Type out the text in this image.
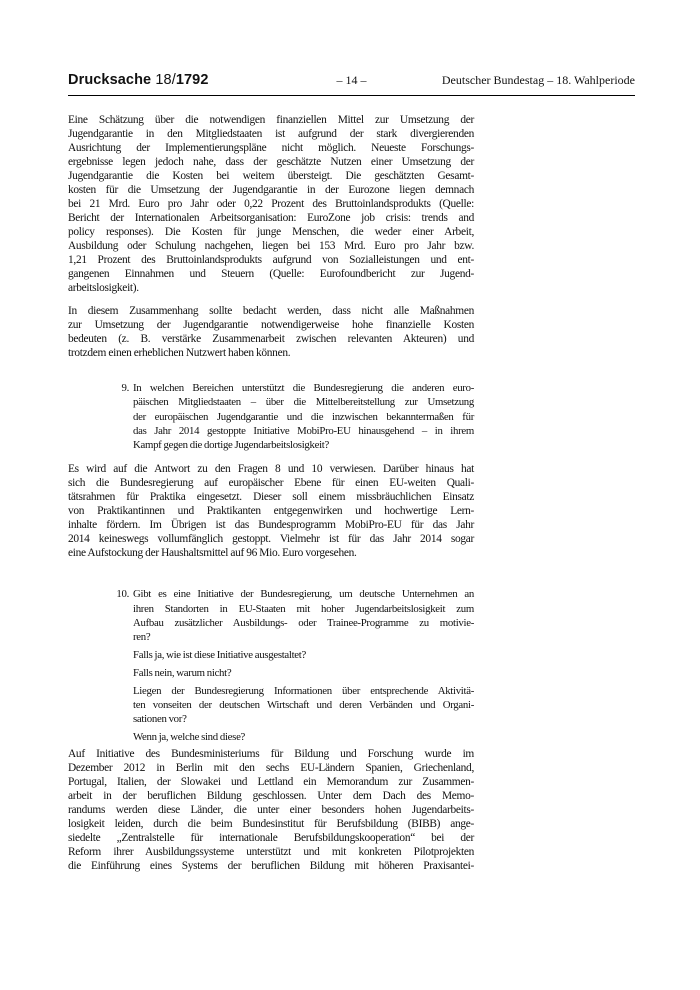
Drucksache 18/1792	– 14 –	Deutscher Bundestag – 18. Wahlperiode
Eine Schätzung über die notwendigen finanziellen Mittel zur Umsetzung der
Jugendgarantie in den Mitgliedstaaten ist aufgrund der stark divergierenden
Ausrichtung der Implementierungspläne nicht möglich. Neueste Forschungs-
ergebnisse legen jedoch nahe, dass der geschätzte Nutzen einer Umsetzung der
Jugendgarantie die Kosten bei weitem übersteigt. Die geschätzten Gesamt-
kosten für die Umsetzung der Jugendgarantie in der Eurozone liegen demnach
bei 21 Mrd. Euro pro Jahr oder 0,22 Prozent des Bruttoinlandsprodukts (Quelle:
Bericht der Internationalen Arbeitsorganisation: EuroZone job crisis: trends and
policy responses). Die Kosten für junge Menschen, die weder einer Arbeit,
Ausbildung oder Schulung nachgehen, liegen bei 153 Mrd. Euro pro Jahr bzw.
1,21 Prozent des Bruttoinlandsprodukts aufgrund von Sozialleistungen und ent-
gangenen Einnahmen und Steuern (Quelle: Eurofoundbericht zur Jugend-
arbeitslosigkeit).
In diesem Zusammenhang sollte bedacht werden, dass nicht alle Maßnahmen
zur Umsetzung der Jugendgarantie notwendigerweise hohe finanzielle Kosten
bedeuten (z. B. verstärke Zusammenarbeit zwischen relevanten Akteuren) und
trotzdem einen erheblichen Nutzwert haben können.
9. In welchen Bereichen unterstützt die Bundesregierung die anderen euro-
päischen Mitgliedstaaten – über die Mittelbereitstellung zur Umsetzung
der europäischen Jugendgarantie und die inzwischen bekanntermaßen für
das Jahr 2014 gestoppte Initiative MobiPro-EU hinausgehend – in ihrem
Kampf gegen die dortige Jugendarbeitslosigkeit?
Es wird auf die Antwort zu den Fragen 8 und 10 verwiesen. Darüber hinaus hat
sich die Bundesregierung auf europäischer Ebene für einen EU-weiten Quali-
tätsrahmen für Praktika eingesetzt. Dieser soll einem missbräuchlichen Einsatz
von Praktikantinnen und Praktikanten entgegenwirken und hochwertige Lern-
inhalte fördern. Im Übrigen ist das Bundesprogramm MobiPro-EU für das Jahr
2014 keineswegs vollumfänglich gestoppt. Vielmehr ist für das Jahr 2014 sogar
eine Aufstockung der Haushaltsmittel auf 96 Mio. Euro vorgesehen.
10. Gibt es eine Initiative der Bundesregierung, um deutsche Unternehmen an
ihren Standorten in EU-Staaten mit hoher Jugendarbeitslosigkeit zum
Aufbau zusätzlicher Ausbildungs- oder Trainee-Programme zu motivie-
ren?
Falls ja, wie ist diese Initiative ausgestaltet?
Falls nein, warum nicht?
Liegen der Bundesregierung Informationen über entsprechende Aktivitä-
ten vonseiten der deutschen Wirtschaft und deren Verbänden und Organi-
sationen vor?
Wenn ja, welche sind diese?
Auf Initiative des Bundesministeriums für Bildung und Forschung wurde im
Dezember 2012 in Berlin mit den sechs EU-Ländern Spanien, Griechenland,
Portugal, Italien, der Slowakei und Lettland ein Memorandum zur Zusammen-
arbeit in der beruflichen Bildung geschlossen. Unter dem Dach des Memo-
randums werden diese Länder, die unter einer besonders hohen Jugendarbeits-
losigkeit leiden, durch die beim Bundesinstitut für Berufsbildung (BIBB) ange-
siedelte „Zentralstelle für internationale Berufsbildungskooperation“ bei der
Reform ihrer Ausbildungssysteme unterstützt und mit konkreten Pilotprojekten
die Einführung eines Systems der beruflichen Bildung mit höheren Praxisantei-
